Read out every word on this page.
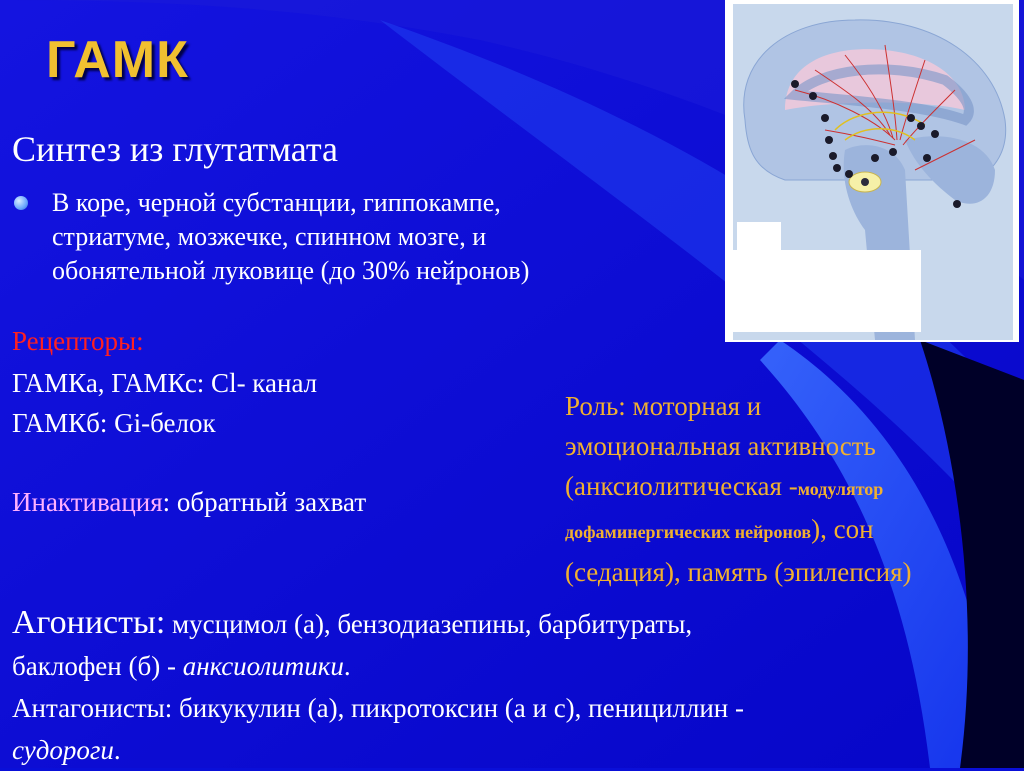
ГАМК

Синтез из глутатмата

В коре, черной субстанции, гиппокампе,
стриатуме, мозжечке, спинном мозге, и
обонятельной луковице (до 30% нейронов)

Рецепторы:

ГАМКа, ГАМКс: Cl- канал

ГАМКб: Gi-белок

Инактивация: обратный захват

Роль: моторная и
эмоциональная активность
(анксиолитическая -модулятор
дофаминергических нейронов), сон
(седация), память (эпилепсия)
Агонисты: мусцимол (а), бензодиазепины, барбитураты,
баклофен (б) - анксиолитики.
Антагонисты: бикукулин (а), пикротоксин (а и с), пенициллин -
судороги.
